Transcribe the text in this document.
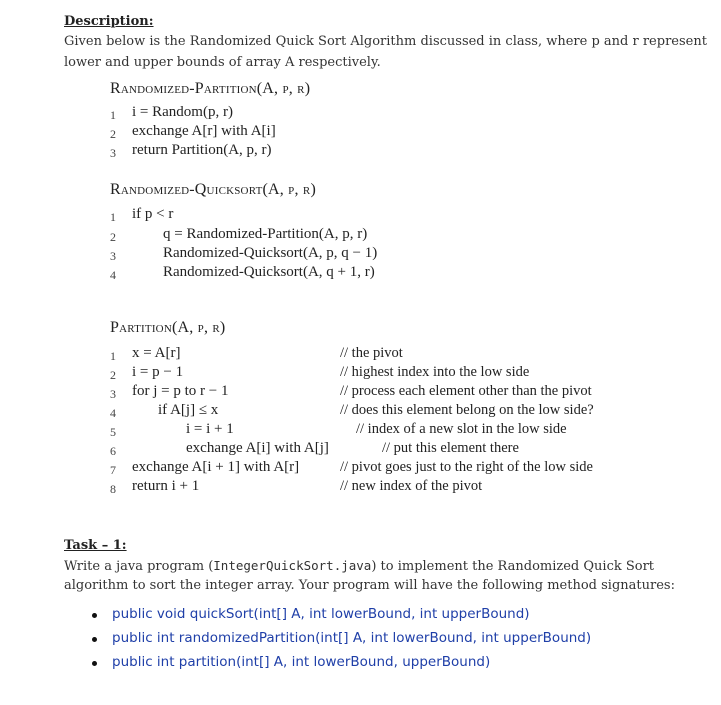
Description:
Given below is the Randomized Quick Sort Algorithm discussed in class, where p and r represent
lower and upper bounds of array A respectively.
Randomized-Partition(A, p, r)
1 i = Random(p, r)
2 exchange A[r] with A[i]
3 return Partition(A, p, r)
Randomized-Quicksort(A, p, r)
1 if p < r
2	q = Randomized-Partition(A, p, r)
3	Randomized-Quicksort(A, p, q − 1)
4	Randomized-Quicksort(A, q + 1, r)
Partition(A, p, r)
1 x = A[r]	// the pivot
2 i = p − 1	// highest index into the low side
3 for j = p to r − 1	// process each element other than the pivot
4	if A[j] ≤ x	// does this element belong on the low side?
5	i = i + 1	// index of a new slot in the low side
6	exchange A[i] with A[j]	// put this element there
7 exchange A[i + 1] with A[r]	// pivot goes just to the right of the low side
8 return i + 1	// new index of the pivot
Task – 1:
Write a java program (IntegerQuickSort.java) to implement the Randomized Quick Sort
algorithm to sort the integer array. Your program will have the following method signatures:
public void quickSort(int[] A, int lowerBound, int upperBound)
public int randomizedPartition(int[] A, int lowerBound, int upperBound)
public int partition(int[] A, int lowerBound, upperBound)
